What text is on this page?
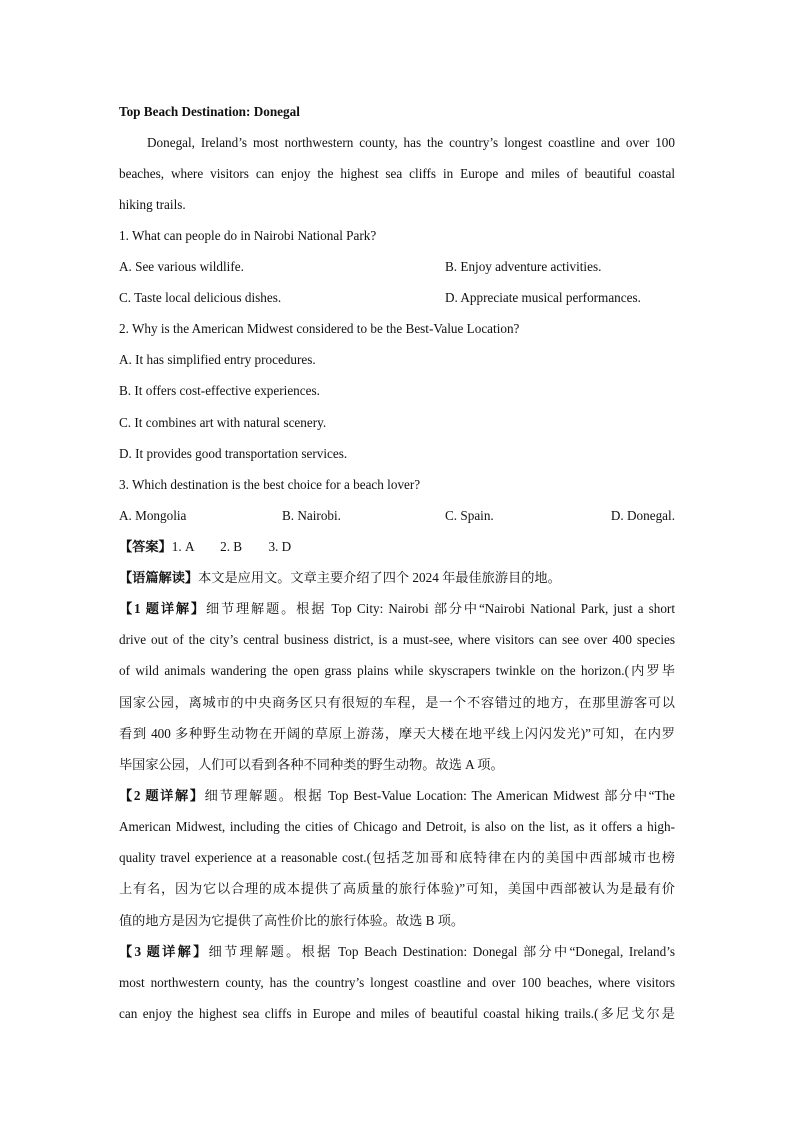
Top Beach Destination: Donegal
Donegal, Ireland’s most northwestern county, has the country’s longest coastline and over 100
beaches, where visitors can enjoy the highest sea cliffs in Europe and miles of beautiful coastal
hiking trails.
1. What can people do in Nairobi National Park?
A. See various wildlife.	B. Enjoy adventure activities.
C. Taste local delicious dishes.	D. Appreciate musical performances.
2. Why is the American Midwest considered to be the Best-Value Location?
A. It has simplified entry procedures.
B. It offers cost-effective experiences.
C. It combines art with natural scenery.
D. It provides good transportation services.
3. Which destination is the best choice for a beach lover?
A. Mongolia	B. Nairobi.	C. Spain.	D. Donegal.
【答案】1. A        2. B        3. D
【语篇解读】本文是应用文。文章主要介绍了四个 2024 年最佳旅游目的地。
【1 题详解】细节理解题。根据 Top City: Nairobi 部分中“Nairobi National Park, just a short
drive out of the city’s central business district, is a must-see, where visitors can see over 400 species
of wild animals wandering the open grass plains while skyscrapers twinkle on the horizon.(内罗毕
国家公园，离城市的中央商务区只有很短的车程，是一个不容错过的地方，在那里游客可以
看到 400 多种野生动物在开阔的草原上游荡，摩天大楼在地平线上闪闪发光)”可知，在内罗
毕国家公园，人们可以看到各种不同种类的野生动物。故选 A 项。
【2 题详解】细节理解题。根据 Top Best-Value Location: The American Midwest 部分中“The
American Midwest, including the cities of Chicago and Detroit, is also on the list, as it offers a high-
quality travel experience at a reasonable cost.(包括芝加哥和底特律在内的美国中西部城市也榜
上有名，因为它以合理的成本提供了高质量的旅行体验)”可知，美国中西部被认为是最有价
值的地方是因为它提供了高性价比的旅行体验。故选 B 项。
【3 题详解】细节理解题。根据 Top Beach Destination: Donegal 部分中“Donegal, Ireland’s
most northwestern county, has the country’s longest coastline and over 100 beaches, where visitors
can enjoy the highest sea cliffs in Europe and miles of beautiful coastal hiking trails.(多尼戈尔是
